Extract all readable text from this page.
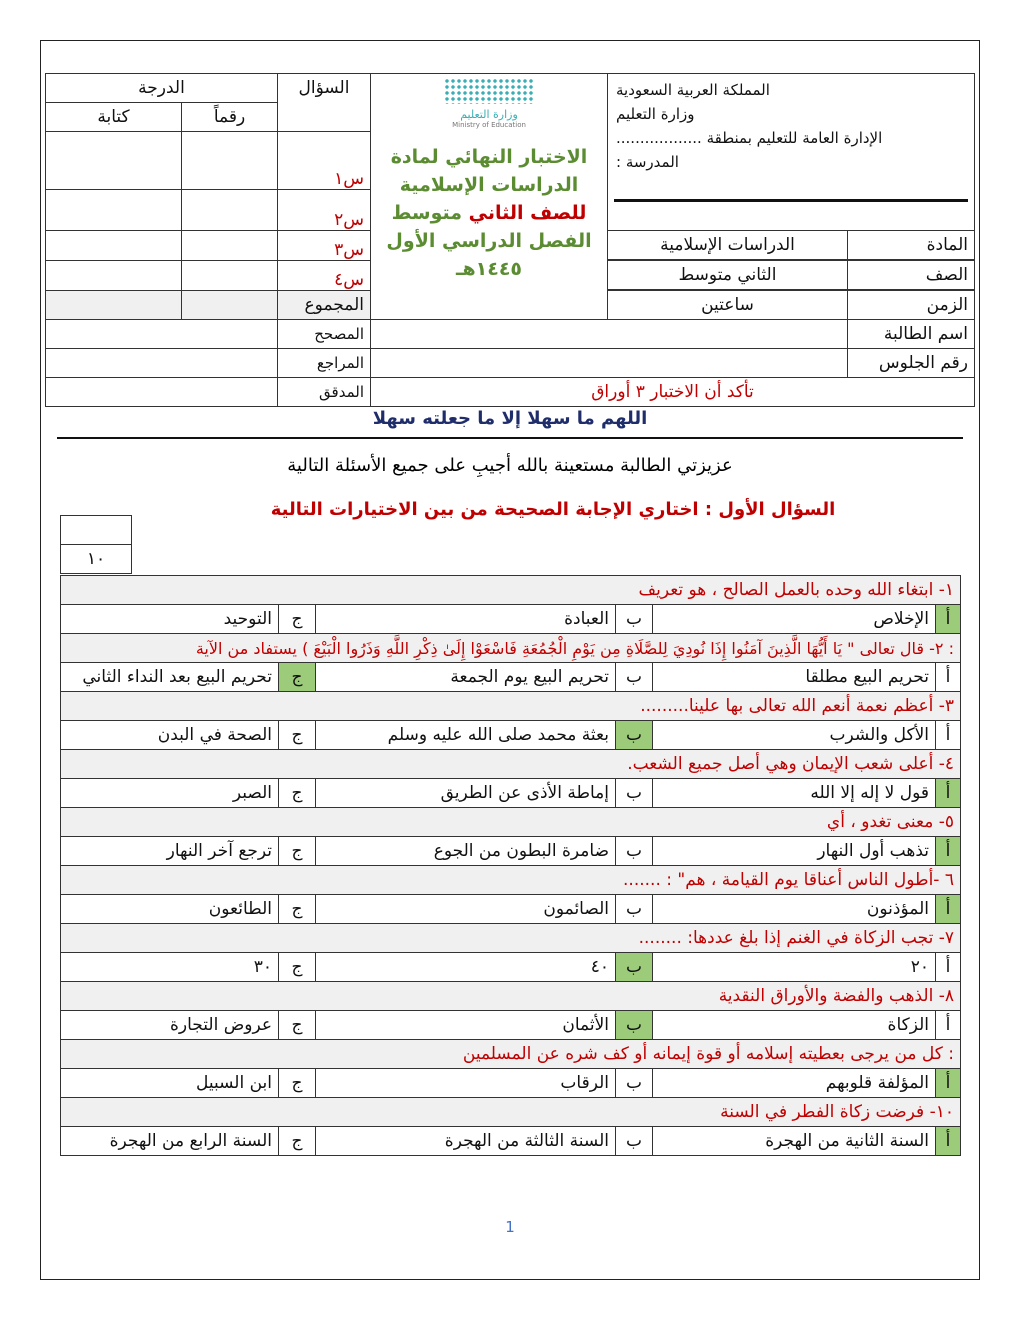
الدرجة
كتابة	رقماً
السؤال
س١
س٢
س٣
س٤
المجموع
وزارة التعليم
Ministry of Education
الاختبار النهائي لمادة
الدراسات الإسلامية
للصف الثاني متوسط
الفصل الدراسي الأول
١٤٤٥هـ
المملكة العربية السعودية
وزارة التعليم
الإدارة العامة للتعليم بمنطقة ..................
المدرسة :
المادة
الدراسات الإسلامية
الصف
الثاني متوسط
الزمن
ساعتين
المصحح
المراجع
المدقق
اسم الطالبة
رقم الجلوس
تأكد أن الاختبار ٣ أوراق
اللهم ما سهلا إلا ما جعلته سهلا
عزيزتي الطالبة مستعينة بالله أجيبِ على جميع الأسئلة التالية
السؤال الأول : اختاري الإجابة الصحيحة من بين الاختيارات التالية
١٠
١- ابتغاء الله وحده بالعمل الصالح ، هو تعريف
أ
الإخلاص
ب
العبادة
ج
التوحيد
: ٢- قال تعالى " يَا أَيُّهَا الَّذِينَ آمَنُوا إِذَا نُودِيَ لِلصَّلَاةِ مِن يَوْمِ الْجُمُعَةِ فَاسْعَوْا إِلَىٰ ذِكْرِ اللَّهِ وَذَرُوا الْبَيْعَ ) يستفاد من الآية
أ
تحريم البيع مطلقا
ب
تحريم البيع يوم الجمعة
ج
تحريم البيع بعد النداء الثاني
٣- أعظم نعمة أنعم الله تعالى بها علينا.........
أ
الأكل والشرب
ب
بعثة محمد صلى الله عليه وسلم
ج
الصحة في البدن
٤- أعلى شعب الإيمان وهي أصل جميع الشعب.
أ
قول لا إله إلا الله
ب
إماطة الأذى عن الطريق
ج
الصبر
٥- معنى تغدو ، أي
أ
تذهب أول النهار
ب
ضامرة البطون من الجوع
ج
ترجع آخر النهار
٦ -أطول الناس أعناقا يوم القيامة ، هم" : .......
أ
المؤذنون
ب
الصائمون
ج
الطائعون
٧- تجب الزكاة في الغنم إذا بلغ عددها: ........
أ
٢٠
ب
٤٠
ج
٣٠
٨- الذهب والفضة والأوراق النقدية
أ
الزكاة
ب
الأثمان
ج
عروض التجارة
: كل من يرجى بعطيته إسلامه أو قوة إيمانه أو كف شره عن المسلمين
أ
المؤلفة قلوبهم
ب
الرقاب
ج
ابن السبيل
١٠- فرضت زكاة الفطر في السنة
أ
السنة الثانية من الهجرة
ب
السنة الثالثة من الهجرة
ج
السنة الرابع من الهجرة
1
